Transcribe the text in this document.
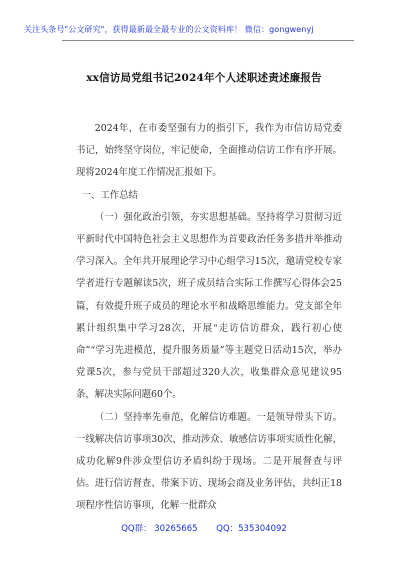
关注头条号"公文研究"，获得最新最全最专业的公文资料库！ 微信：gongwenyj
xx信访局党组书记2024年个人述职述责述廉报告

2024年，在市委坚强有力的指引下，我作为市信访局党委书记，始终坚守岗位，牢记使命，全面推动信访工作有序开展。现将2024年度工作情况汇报如下。

一、工作总结

（一）强化政治引领，夯实思想基础。坚持将学习贯彻习近平新时代中国特色社会主义思想作为首要政治任务多措并举推动学习深入。全年共开展理论学习中心组学习15次，邀请党校专家学者进行专题解读5次，班子成员结合实际工作撰写心得体会25篇，有效提升班子成员的理论水平和战略思维能力。党支部全年累计组织集中学习28次，开展“走访信访群众，践行初心使命”“学习先进模范，提升服务质量”等主题党日活动15次，举办党课5次，参与党员干部超过320人次，收集群众意见建议95条，解决实际问题60个。

（二）坚持率先垂范，化解信访难题。一是领导带头下访。一线解决信访事项30次，推动涉众、敏感信访事项实质性化解，成功化解9件涉众型信访矛盾纠纷于现场。二是开展督查与评估。进行信访督查、带案下访、现场会商及业务评估，共纠正18项程序性信访事项，化解一批群众

QQ群： 30265665 QQ：535304092
